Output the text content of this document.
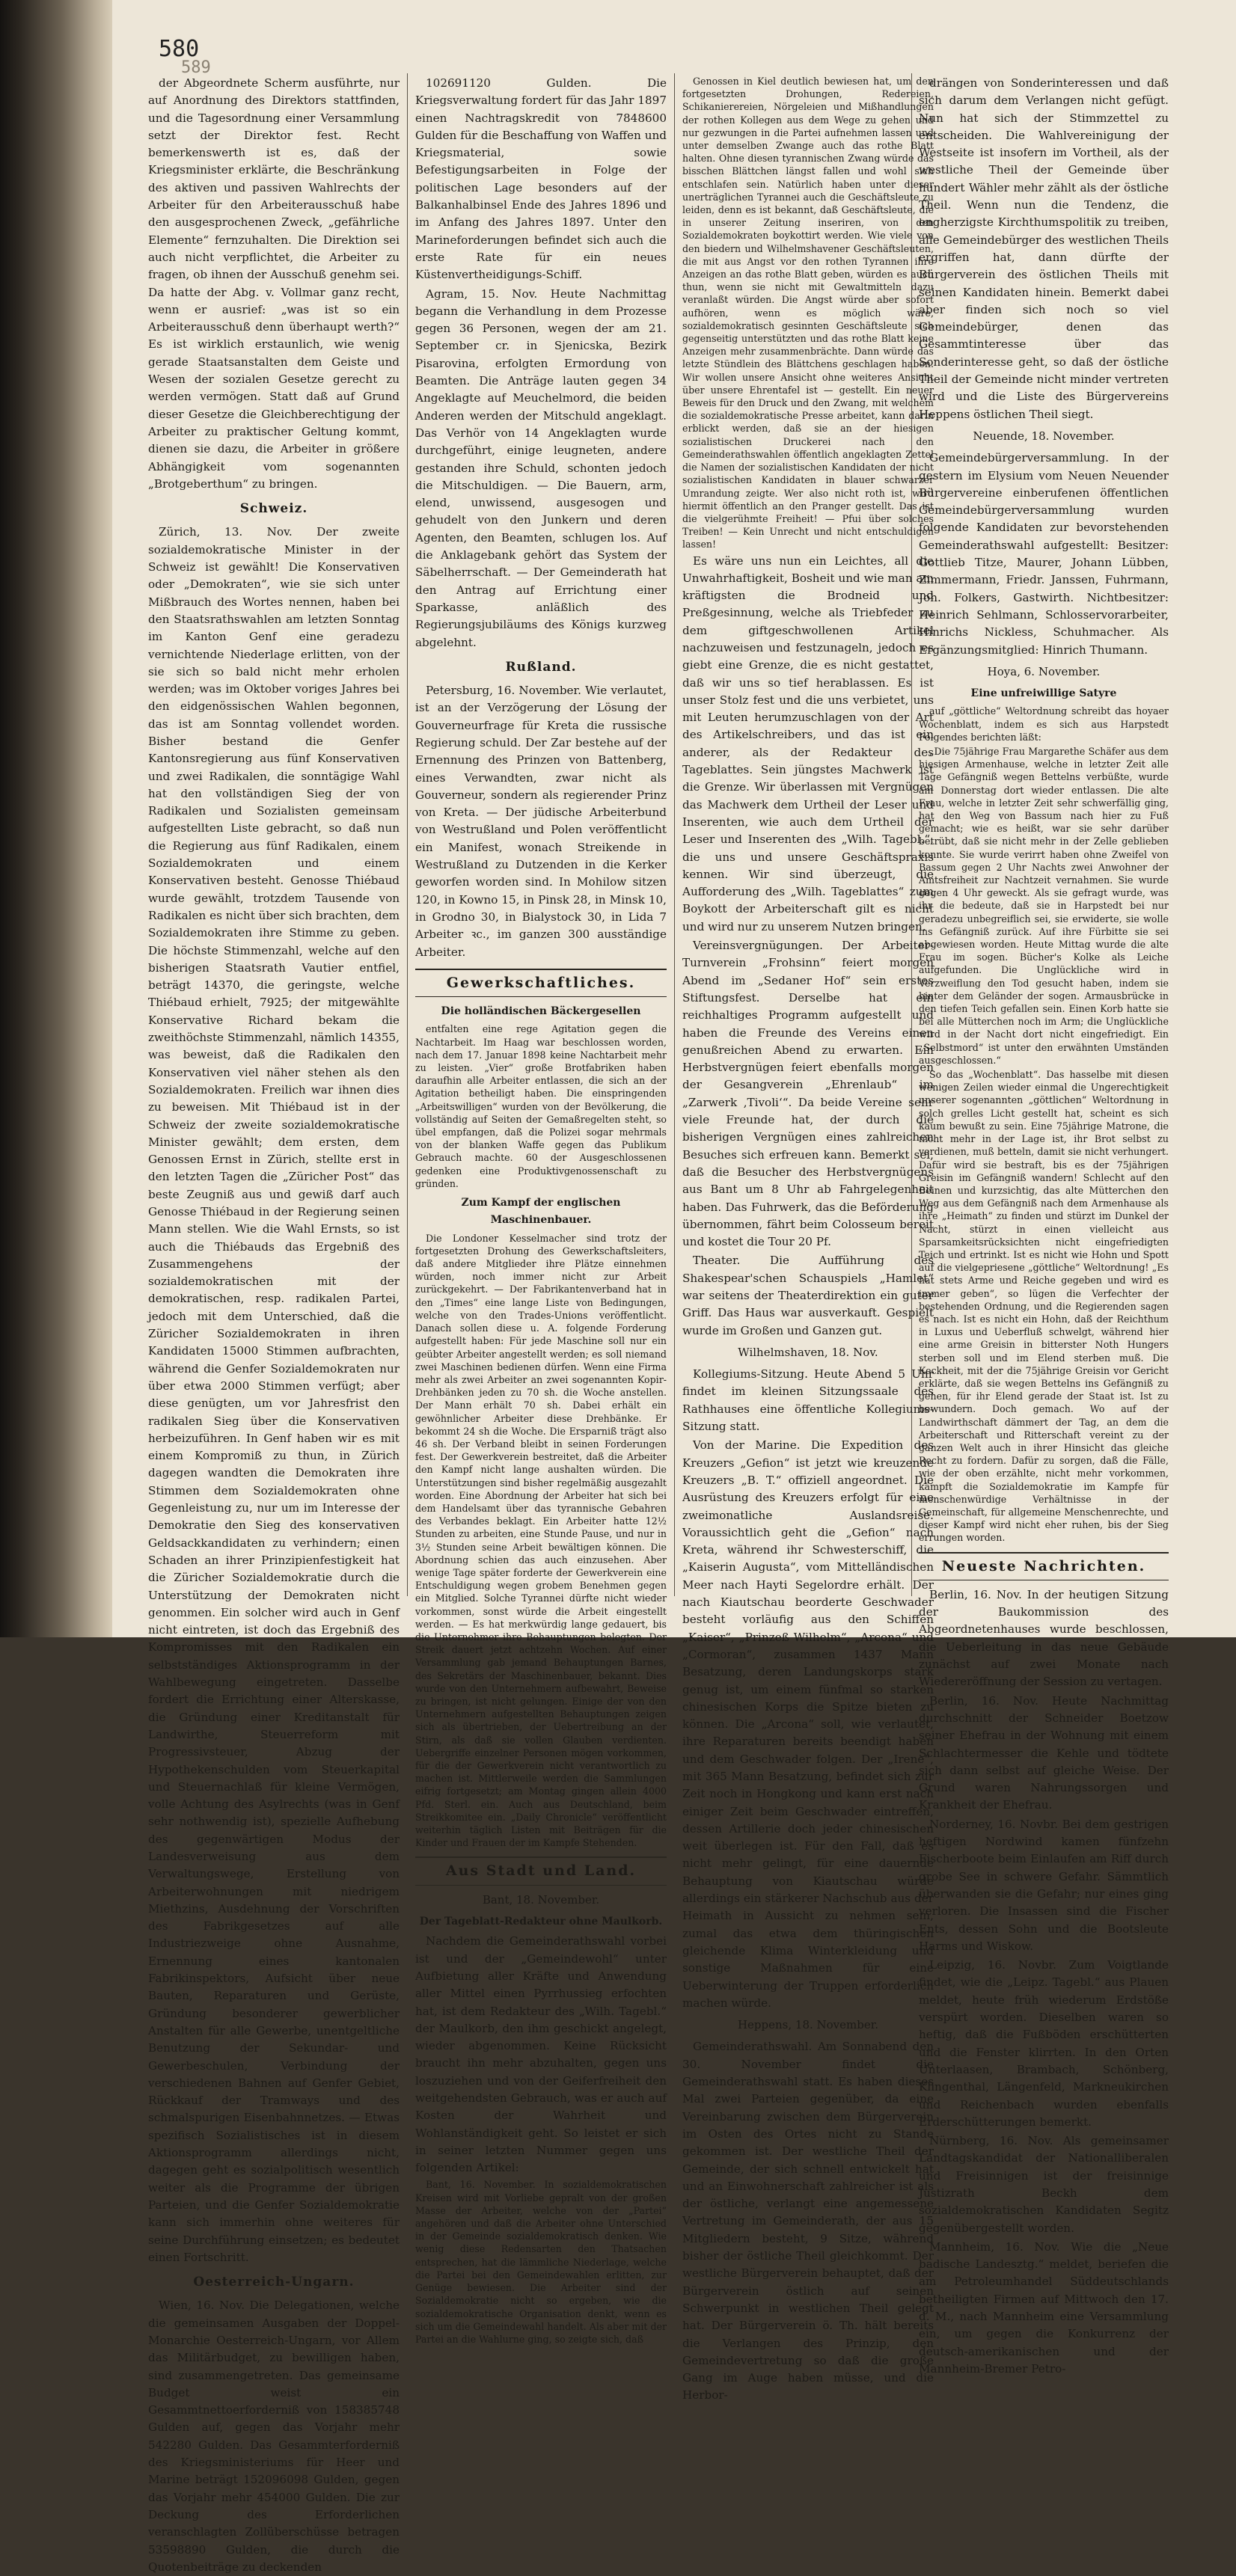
580
589

der Abgeordnete Scherm ausführte, nur auf Anordnung des Direktors stattfinden, und die Tagesordnung einer Versammlung setzt der Direktor fest. Recht bemerkenswerth ist es, daß der Kriegsminister erklärte, die Beschränkung des aktiven und passiven Wahlrechts der Arbeiter für den Arbeiterausschuß habe den ausgesprochenen Zweck, „gefährliche Elemente“ fernzuhalten. Die Direktion sei auch nicht verpflichtet, die Arbeiter zu fragen, ob ihnen der Ausschuß genehm sei. Da hatte der Abg. v. Vollmar ganz recht, wenn er ausrief: „was ist so ein Arbeiterausschuß denn überhaupt werth?“ Es ist wirklich erstaunlich, wie wenig gerade Staatsanstalten dem Geiste und Wesen der sozialen Gesetze gerecht zu werden vermögen. Statt daß auf Grund dieser Gesetze die Gleichberechtigung der Arbeiter zu praktischer Geltung kommt, dienen sie dazu, die Arbeiter in größere Abhängigkeit vom sogenannten „Brotgeberthum“ zu bringen.

Schweiz.

Zürich, 13. Nov. Der zweite sozialdemokratische Minister in der Schweiz ist gewählt! Die Konservativen oder „Demokraten“, wie sie sich unter Mißbrauch des Wortes nennen, haben bei den Staatsrathswahlen am letzten Sonntag im Kanton Genf eine geradezu vernichtende Niederlage erlitten, von der sie sich so bald nicht mehr erholen werden; was im Oktober voriges Jahres bei den eidgenössischen Wahlen begonnen, das ist am Sonntag vollendet worden. Bisher bestand die Genfer Kantonsregierung aus fünf Konservativen und zwei Radikalen, die sonntägige Wahl hat den vollständigen Sieg der von Radikalen und Sozialisten gemeinsam aufgestellten Liste gebracht, so daß nun die Regierung aus fünf Radikalen, einem Sozialdemokraten und einem Konservativen besteht. Genosse Thiébaud wurde gewählt, trotzdem Tausende von Radikalen es nicht über sich brachten, dem Sozialdemokraten ihre Stimme zu geben. Die höchste Stimmenzahl, welche auf den bisherigen Staatsrath Vautier entfiel, beträgt 14370, die geringste, welche Thiébaud erhielt, 7925; der mitgewählte Konservative Richard bekam die zweithöchste Stimmenzahl, nämlich 14355, was beweist, daß die Radikalen den Konservativen viel näher stehen als den Sozialdemokraten. Freilich war ihnen dies zu beweisen. Mit Thiébaud ist in der Schweiz der zweite sozialdemokratische Minister gewählt; dem ersten, dem Genossen Ernst in Zürich, stellte erst in den letzten Tagen die „Züricher Post“ das beste Zeugniß aus und gewiß darf auch Genosse Thiébaud in der Regierung seinen Mann stellen. Wie die Wahl Ernsts, so ist auch die Thiébauds das Ergebniß des Zusammengehens der sozialdemokratischen mit der demokratischen, resp. radikalen Partei, jedoch mit dem Unterschied, daß die Züricher Sozialdemokraten in ihren Kandidaten 15000 Stimmen aufbrachten, während die Genfer Sozialdemokraten nur über etwa 2000 Stimmen verfügt; aber diese genügten, um vor Jahresfrist den radikalen Sieg über die Konservativen herbeizuführen. In Genf haben wir es mit einem Kompromiß zu thun, in Zürich dagegen wandten die Demokraten ihre Stimmen dem Sozialdemokraten ohne Gegenleistung zu, nur um im Interesse der Demokratie den Sieg des konservativen Geldsackkandidaten zu verhindern; einen Schaden an ihrer Prinzipienfestigkeit hat die Züricher Sozialdemokratie durch die Unterstützung der Demokraten nicht genommen. Ein solcher wird auch in Genf nicht eintreten, ist doch das Ergebniß des Kompromisses mit den Radikalen ein selbstständiges Aktionsprogramm in der Wahlbewegung eingetreten. Dasselbe fordert die Errichtung einer Alterskasse, die Gründung einer Kreditanstalt für Landwirthe, Steuerreform mit Progressivsteuer, Abzug der Hypothekenschulden vom Steuerkapital und Steuernachlaß für kleine Vermögen, volle Achtung des Asylrechts (was in Genf sehr nothwendig ist), spezielle Aufhebung des gegenwärtigen Modus der Landesverweisung aus dem Verwaltungswege, Erstellung von Arbeiterwohnungen mit niedrigem Miethzins, Ausdehnung der Vorschriften des Fabrikgesetzes auf alle Industriezweige ohne Ausnahme, Ernennung eines kantonalen Fabrikinspektors, Aufsicht über neue Bauten, Reparaturen und Gerüste, Gründung besonderer gewerblicher Anstalten für alle Gewerbe, unentgeltliche Benutzung der Sekundar- und Gewerbeschulen, Verbindung der verschiedenen Bahnen auf Genfer Gebiet, Rückkauf der Tramways und des schmalspurigen Eisenbahnnetzes. — Etwas spezifisch Sozialistisches ist in diesem Aktionsprogramm allerdings nicht, dagegen geht es sozialpolitisch wesentlich weiter als die Programme der übrigen Parteien, und die Genfer Sozialdemokratie kann sich immerhin ohne weiteres für seine Durchführung einsetzen; es bedeutet einen Fortschritt.

Oesterreich-Ungarn.

Wien, 16. Nov. Die Delegationen, welche die gemeinsamen Ausgaben der Doppel-Monarchie Oesterreich-Ungarn, vor Allem das Militärbudget, zu bewilligen haben, sind zusammengetreten. Das gemeinsame Budget weist ein Gesammtnettoerforderniß von 158385748 Gulden auf, gegen das Vorjahr mehr 542280 Gulden. Das Gesammterforderniß des Kriegsministeriums für Heer und Marine beträgt 152096098 Gulden, gegen das Vorjahr mehr 454000 Gulden. Die zur Deckung des Erforderlichen veranschlagten Zollüberschüsse betragen 53598890 Gulden, die durch die Quotenbeiträge zu deckenden

102691120 Gulden. Die Kriegsverwaltung fordert für das Jahr 1897 einen Nachtragskredit von 7848600 Gulden für die Beschaffung von Waffen und Kriegsmaterial, sowie Befestigungsarbeiten in Folge der politischen Lage besonders auf der Balkanhalbinsel Ende des Jahres 1896 und im Anfang des Jahres 1897. Unter den Marineforderungen befindet sich auch die erste Rate für ein neues Küstenvertheidigungs-Schiff.

Agram, 15. Nov. Heute Nachmittag begann die Verhandlung in dem Prozesse gegen 36 Personen, wegen der am 21. September cr. in Sjenicska, Bezirk Pisarovina, erfolgten Ermordung von Beamten. Die Anträge lauten gegen 34 Angeklagte auf Meuchelmord, die beiden Anderen werden der Mitschuld angeklagt. Das Verhör von 14 Angeklagten wurde durchgeführt, einige leugneten, andere gestanden ihre Schuld, schonten jedoch die Mitschuldigen. — Die Bauern, arm, elend, unwissend, ausgesogen und gehudelt von den Junkern und deren Agenten, den Beamten, schlugen los. Auf die Anklagebank gehört das System der Säbelherrschaft. — Der Gemeinderath hat den Antrag auf Errichtung einer Sparkasse, anläßlich des Regierungsjubiläums des Königs kurzweg abgelehnt.

Rußland.

Petersburg, 16. November. Wie verlautet, ist an der Verzögerung der Lösung der Gouverneurfrage für Kreta die russische Regierung schuld. Der Zar bestehe auf der Ernennung des Prinzen von Battenberg, eines Verwandten, zwar nicht als Gouverneur, sondern als regierender Prinz von Kreta. — Der jüdische Arbeiterbund von Westrußland und Polen veröffentlicht ein Manifest, wonach Streikende in Westrußland zu Dutzenden in die Kerker geworfen worden sind. In Mohilow sitzen 120, in Kowno 15, in Pinsk 28, in Minsk 10, in Grodno 30, in Bialystock 30, in Lida 7 Arbeiter ꝛc., im ganzen 300 ausständige Arbeiter.

Gewerkschaftliches.
Die holländischen Bäckergesellen

entfalten eine rege Agitation gegen die Nachtarbeit. Im Haag war beschlossen worden, nach dem 17. Januar 1898 keine Nachtarbeit mehr zu leisten. „Vier“ große Brotfabriken haben daraufhin alle Arbeiter entlassen, die sich an der Agitation betheiligt haben. Die einspringenden „Arbeitswilligen“ wurden von der Bevölkerung, die vollständig auf Seiten der Gemaßregelten steht, so übel empfangen, daß die Polizei sogar mehrmals von der blanken Waffe gegen das Publikum Gebrauch machte. 60 der Ausgeschlossenen gedenken eine Produktivgenossenschaft zu gründen.

Zum Kampf der englischen Maschinenbauer.

Die Londoner Kesselmacher sind trotz der fortgesetzten Drohung des Gewerkschaftsleiters, daß andere Mitglieder ihre Plätze einnehmen würden, noch immer nicht zur Arbeit zurückgekehrt. — Der Fabrikantenverband hat in den „Times“ eine lange Liste von Bedingungen, welche von den Trades-Unions veröffentlicht. Danach sollen diese u. A. folgende Forderung aufgestellt haben: Für jede Maschine soll nur ein geübter Arbeiter angestellt werden; es soll niemand zwei Maschinen bedienen dürfen. Wenn eine Firma mehr als zwei Arbeiter an zwei sogenannten Kopir-Drehbänken jeden zu 70 sh. die Woche anstellen. Der Mann erhält 70 sh. Dabei erhält ein gewöhnlicher Arbeiter diese Drehbänke. Er bekommt 24 sh die Woche. Die Ersparniß trägt also 46 sh. Der Verband bleibt in seinen Forderungen fest. Der Gewerkverein bestreitet, daß die Arbeiter den Kampf nicht lange aushalten würden. Die Unterstützungen sind bisher regelmäßig ausgezahlt worden. Eine Abordnung der Arbeiter hat sich bei dem Handelsamt über das tyrannische Gebahren des Verbandes beklagt. Ein Arbeiter hatte 12½ Stunden zu arbeiten, eine Stunde Pause, und nur in 3½ Stunden seine Arbeit bewältigen können. Die Abordnung schien das auch einzusehen. Aber wenige Tage später forderte der Gewerkverein eine Entschuldigung wegen grobem Benehmen gegen ein Mitglied. Solche Tyrannei dürfte nicht wieder vorkommen, sonst würde die Arbeit eingestellt werden. — Es hat merkwürdig lange gedauert, bis die Unternehmer ihre Behauptungen belegten. Der Streik dauert jetzt achtzehn Wochen. Auf einer Versammlung gab jemand Behauptungen Barnes, des Sekretärs der Maschinenbauer, bekannt. Dies wurde von den Unternehmern aufbewahrt, Beweise zu bringen, ist nicht gelungen. Einige der von den Unternehmern aufgestellten Behauptungen zeigen sich als übertrieben, der Uebertreibung an der Stirn, als daß sie vollen Glauben verdienten. Uebergriffe einzelner Personen mögen vorkommen, für die der Gewerkverein nicht verantwortlich zu machen ist. Mittlerweile werden die Sammlungen eifrig fortgesetzt; am Montag gingen allein 4000 Pfd. Sterl. ein. Auch aus Deutschland, beim Streikkomitee ein. „Daily Chronicle“ veröffentlicht weiterhin täglich Listen mit Beiträgen für die Kinder und Frauen der im Kampfe Stehenden.

Aus Stadt und Land.
Bant, 18. November.
Der Tageblatt-Redakteur ohne Maulkorb.

Nachdem die Gemeinderathswahl vorbei ist und der „Gemeindewohl“ unter Aufbietung aller Kräfte und Anwendung aller Mittel einen Pyrrhussieg erfochten hat, ist dem Redakteur des „Wilh. Tagebl.“ der Maulkorb, den ihm geschickt angelegt, wieder abgenommen. Keine Rücksicht braucht ihn mehr abzuhalten, gegen uns loszuziehen und von der Geiferfreiheit den weitgehendsten Gebrauch, was er auch auf Kosten der Wahrheit und Wohlanständigkeit geht. So leistet er sich in seiner letzten Nummer gegen uns folgenden Artikel:

Bant, 16. November. In sozialdemokratischen Kreisen wird mit Vorliebe gepralt von der großen Masse der Arbeiter, welche von der „Partei“ angehören und daß die Arbeiter ohne Unterschied in der Gemeinde sozialdemokratisch denken. Wie wenig diese Redensarten den Thatsachen entsprechen, hat die lämmliche Niederlage, welche die Partei bei den Gemeindewahlen erlitten, zur Genüge bewiesen. Die Arbeiter sind der Sozialdemokratie nicht so ergeben, wie die sozialdemokratische Organisation denkt, wenn es sich um die Gemeindewahl handelt. Als aber mit der Partei an die Wahlurne ging, so zeigte sich, daß

Genossen in Kiel deutlich bewiesen hat, um den fortgesetzten Drohungen, Redereien, Schikanierereien, Nörgeleien und Mißhandlungen der rothen Kollegen aus dem Wege zu gehen und nur gezwungen in die Partei aufnehmen lassen und unter demselben Zwange auch das rothe Blatt halten. Ohne diesen tyrannischen Zwang würde das bisschen Blättchen längst fallen und wohl sich entschlafen sein. Natürlich haben unter dieser unerträglichen Tyrannei auch die Geschäftsleute zu leiden, denn es ist bekannt, daß Geschäftsleute, die in unserer Zeitung inseriren, von den Sozialdemokraten boykottirt werden. Wie viele von den biedern und Wilhelmshavener Geschäftsleuten, die mit aus Angst vor den rothen Tyrannen ihre Anzeigen an das rothe Blatt geben, würden es auch thun, wenn sie nicht mit Gewaltmitteln dazu veranlaßt würden. Die Angst würde aber sofort aufhören, wenn es möglich wäre, sozialdemokratisch gesinnten Geschäftsleute sich gegenseitig unterstützten und das rothe Blatt keine Anzeigen mehr zusammenbrächte. Dann würde das letzte Stündlein des Blättchens geschlagen haben. Wir wollen unsere Ansicht ohne weiteres Ansicht über unsere Ehrentafel ist — gestellt. Ein neuer Beweis für den Druck und den Zwang, mit welchem die sozialdemokratische Presse arbeitet, kann darin erblickt werden, daß sie an der hiesigen sozialistischen Druckerei nach den Gemeinderathswahlen öffentlich angeklagten Zettel die Namen der sozialistischen Kandidaten der nicht sozialistischen Kandidaten in blauer schwarzer Umrandung zeigte. Wer also nicht roth ist, wird hiermit öffentlich an den Pranger gestellt. Das ist die vielgerühmte Freiheit! — Pfui über solches Treiben! — Kein Unrecht und nicht entschuldigen lassen!

Es wäre uns nun ein Leichtes, all die Unwahrhaftigkeit, Bosheit und wie man am kräftigsten die Brodneid und Preßgesinnung, welche als Triebfeder zu dem giftgeschwollenen Artikel nachzuweisen und festzunageln, jedoch es giebt eine Grenze, die es nicht gestattet, daß wir uns so tief herablassen. Es ist unser Stolz fest und die uns verbietet, uns mit Leuten herumzuschlagen von der Art des Artikelschreibers, und das ist ein anderer, als der Redakteur des Tageblattes. Sein jüngstes Machwerk ist die Grenze. Wir überlassen mit Vergnügen das Machwerk dem Urtheil der Leser und Inserenten, wie auch dem Urtheil der Leser und Inserenten des „Wilh. Tagebl.“, die uns und unsere Geschäftspraxis kennen. Wir sind überzeugt, die Aufforderung des „Wilh. Tageblattes“ zum Boykott der Arbeiterschaft gilt es nicht und wird nur zu unserem Nutzen bringen.

Vereinsvergnügungen. Der Arbeiter-Turnverein „Frohsinn“ feiert morgen Abend im „Sedaner Hof“ sein erstes Stiftungsfest. Derselbe hat ein reichhaltiges Programm aufgestellt und haben die Freunde des Vereins einen genußreichen Abend zu erwarten. Ein Herbstvergnügen feiert ebenfalls morgen der Gesangverein „Ehrenlaub“ im „Zarwerk ‚Tivoli‘“. Da beide Vereine sehr viele Freunde hat, der durch die bisherigen Vergnügen eines zahlreichen Besuches sich erfreuen kann. Bemerkt sei, daß die Besucher des Herbstvergnügens aus Bant um 8 Uhr ab Fahrgelegenheit haben. Das Fuhrwerk, das die Beförderung übernommen, fährt beim Colosseum bereit und kostet die Tour 20 Pf.

Theater. Die Aufführung des Shakespear'schen Schauspiels „Hamlet“ war seitens der Theaterdirektion ein guter Griff. Das Haus war ausverkauft. Gespielt wurde im Großen und Ganzen gut.

Wilhelmshaven, 18. Nov.

Kollegiums-Sitzung. Heute Abend 5 Uhr findet im kleinen Sitzungssaale des Rathhauses eine öffentliche Kollegiums-Sitzung statt.

Von der Marine. Die Expedition des Kreuzers „Gefion“ ist jetzt wie kreuzende Kreuzers „B. T.“ offiziell angeordnet. Die Ausrüstung des Kreuzers erfolgt für eine zweimonatliche Auslandsreise. Voraussichtlich geht die „Gefion“ nach Kreta, während ihr Schwesterschiff, die „Kaiserin Augusta“, vom Mittelländischen Meer nach Hayti Segelordre erhält. Der nach Kiautschau beorderte Geschwader besteht vorläufig aus den Schiffen „Kaiser“, „Prinzeß Wilhelm“, „Arcona“ und „Cormoran“, zusammen 1437 Mann Besatzung, deren Landungskorps stark genug ist, um einem fünfmal so starken chinesischen Korps die Spitze bieten zu können. Die „Arcona“ soll, wie verlautet, ihre Reparaturen bereits beendigt haben und dem Geschwader folgen. Der „Irene“, mit 365 Mann Besatzung, befindet sich zur Zeit noch in Hongkong und kann erst nach einiger Zeit beim Geschwader eintreffen, dessen Artillerie doch jeder chinesischen weit überlegen ist. Für den Fall, daß es nicht mehr gelingt, für eine dauernde Behauptung von Kiautschau würde allerdings ein stärkerer Nachschub aus der Heimath in Aussicht zu nehmen sein, zumal das etwa dem thüringischen gleichende Klima Winterkleidung und sonstige Maßnahmen für eine Ueberwinterung der Truppen erforderlich machen würde.

Heppens, 18. November.

Gemeinderathswahl. Am Sonnabend den 30. November findet die Gemeinderathswahl statt. Es haben dieses Mal zwei Parteien gegenüber, da eine Vereinbarung zwischen dem Bürgerverein im Osten des Ortes nicht zu Stande gekommen ist. Der westliche Theil der Gemeinde, der sich schnell entwickelt hat und an Einwohnerschaft zahlreicher ist als der östliche, verlangt eine angemessene Vertretung im Gemeinderath, der aus 15 Mitgliedern besteht, 9 Sitze, während bisher der östliche Theil gleichkommt. Der westliche Bürgerverein behauptet, daß der Bürgerverein östlich auf seinen Schwerpunkt in westlichen Theil gelegt hat. Der Bürgerverein ö. Th. hält bereits die Verlangen des Prinzip, den Gemeindevertretung so daß die große Gang im Auge haben müsse, und die Herbor-

drängen von Sonderinteressen und daß sich darum dem Verlangen nicht gefügt. Nun hat sich der Stimmzettel zu entscheiden. Die Wahlvereinigung der Westseite ist insofern im Vortheil, als der westliche Theil der Gemeinde über hundert Wähler mehr zählt als der östliche Theil. Wenn nun die Tendenz, die engherzigste Kirchthumspolitik zu treiben, alle Gemeindebürger des westlichen Theils ergriffen hat, dann dürfte der Bürgerverein des östlichen Theils mit seinen Kandidaten hinein. Bemerkt dabei aber finden sich noch so viel Gemeindebürger, denen das Gesammtinteresse über das Sonderinteresse geht, so daß der östliche Theil der Gemeinde nicht minder vertreten wird und die Liste des Bürgervereins Heppens östlichen Theil siegt.

Neuende, 18. November.

Gemeindebürgerversammlung. In der gestern im Elysium vom Neuen Neuender Bürgervereine einberufenen öffentlichen Gemeindebürgerversammlung wurden folgende Kandidaten zur bevorstehenden Gemeinderathswahl aufgestellt: Besitzer: Gottlieb Titze, Maurer, Johann Lübben, Zimmermann, Friedr. Janssen, Fuhrmann, Joh. Folkers, Gastwirth. Nichtbesitzer: Heinrich Sehlmann, Schlosservorarbeiter, Hinrichs Nickless, Schuhmacher. Als Ergänzungsmitglied: Hinrich Thumann.

Hoya, 6. November.
Eine unfreiwillige Satyre

auf „göttliche“ Weltordnung schreibt das hoyaer Wochenblatt, indem es sich aus Harpstedt Folgendes berichten läßt:

„Die 75jährige Frau Margarethe Schäfer aus dem hiesigen Armenhause, welche in letzter Zeit alle Tage Gefängniß wegen Bettelns verbüßte, wurde am Donnerstag dort wieder entlassen. Die alte Frau, welche in letzter Zeit sehr schwerfällig ging, hat den Weg von Bassum nach hier zu Fuß gemacht; wie es heißt, war sie sehr darüber betrübt, daß sie nicht mehr in der Zelle geblieben konnte. Sie wurde verirrt haben ohne Zweifel von Bassum gegen 2 Uhr Nachts zwei Anwohner der Amtsfreiheit zur Nachtzeit vernahmen. Sie wurde gegen 4 Uhr geweckt. Als sie gefragt wurde, was ihr die bedeute, daß sie in Harpstedt bei nur geradezu unbegreiflich sei, sie erwiderte, sie wolle ins Gefängniß zurück. Auf ihre Fürbitte sie sei abgewiesen worden. Heute Mittag wurde die alte Frau im sogen. Bücher's Kolke als Leiche aufgefunden. Die Unglückliche wird in Verzweiflung den Tod gesucht haben, indem sie hinter dem Geländer der sogen. Armausbrücke in den tiefen Teich gefallen sein. Einen Korb hatte sie bei alle Mütterchen noch im Arm; die Unglückliche wird in der Nacht dort nicht eingefriedigt. Ein „Selbstmord“ ist unter den erwähnten Umständen ausgeschlossen.“

So das „Wochenblatt“. Das hasselbe mit diesen wenigen Zeilen wieder einmal die Ungerechtigkeit unserer sogenannten „göttlichen“ Weltordnung in solch grelles Licht gestellt hat, scheint es sich kaum bewußt zu sein. Eine 75jährige Matrone, die nicht mehr in der Lage ist, ihr Brot selbst zu verdienen, muß betteln, damit sie nicht verhungert. Dafür wird sie bestraft, bis es der 75jährigen Greisin im Gefängniß wandern! Schlecht auf den Beinen und kurzsichtig, das alte Mütterchen den Weg aus dem Gefängniß nach dem Armenhause als ihre „Heimath“ zu finden und stürzt im Dunkel der Nacht, stürzt in einen vielleicht aus Sparsamkeitsrücksichten nicht eingefriedigten Teich und ertrinkt. Ist es nicht wie Hohn und Spott auf die vielgepriesene „göttliche“ Weltordnung! „Es hat stets Arme und Reiche gegeben und wird es immer geben“, so lügen die Verfechter der bestehenden Ordnung, und die Regierenden sagen es nach. Ist es nicht ein Hohn, daß der Reichthum in Luxus und Ueberfluß schwelgt, während hier eine arme Greisin in bitterster Noth Hungers sterben soll und im Elend sterben muß. Die Keckheit, mit der die 75jährige Greisin vor Gericht erklärte, daß sie wegen Bettelns ins Gefängniß zu gehen, für ihr Elend gerade der Staat ist. Ist zu bewundern. Doch gemach. Wo auf der Landwirthschaft dämmert der Tag, an dem die Arbeiterschaft und Ritterschaft vereint zu der ganzen Welt auch in ihrer Hinsicht das gleiche Recht zu fordern. Dafür zu sorgen, daß die Fälle, wie der oben erzählte, nicht mehr vorkommen, kämpft die Sozialdemokratie im Kampfe für menschenwürdige Verhältnisse in der Gemeinschaft, für allgemeine Menschenrechte, und dieser Kampf wird nicht eher ruhen, bis der Sieg errungen worden.

Neueste Nachrichten.

Berlin, 16. Nov. In der heutigen Sitzung der Baukommission des Abgeordnetenhauses wurde beschlossen, die Ueberleitung in das neue Gebäude zunächst auf zwei Monate nach Wiedereröffnung der Session zu vertagen.

Berlin, 16. Nov. Heute Nachmittag durchschnitt der Schneider Boetzow seiner Ehefrau in der Wohnung mit einem Schlachtermesser die Kehle und tödtete sich dann selbst auf gleiche Weise. Der Grund waren Nahrungssorgen und Krankheit der Ehefrau.

Norderney, 16. Novbr. Bei dem gestrigen heftigen Nordwind kamen fünfzehn Fischerboote beim Einlaufen am Riff durch grobe See in schwere Gefahr. Sämmtlich überwanden sie die Gefahr; nur eines ging verloren. Die Insassen sind die Fischer Ents, dessen Sohn und die Bootsleute Harms und Wiskow.

Leipzig, 16. Novbr. Zum Voigtlande findet, wie die „Leipz. Tagebl.“ aus Plauen meldet, heute früh wiederum Erdstöße verspürt worden. Dieselben waren so heftig, daß die Fußböden erschütterten und die Fenster klirrten. In den Orten Unterlaasen, Brambach, Schönberg, Klingenthal, Längenfeld, Markneukirchen und Reichenbach wurden ebenfalls Erderschütterungen bemerkt.

Nürnberg, 16. Nov. Als gemeinsamer Landtagskandidat der Nationalliberalen und Freisinnigen ist der freisinnige Justizrath Beckh dem sozialdemokratischen Kandidaten Segitz gegenübergestellt worden.

Mannheim, 16. Nov. Wie die „Neue badische Landesztg.“ meldet, beriefen die am Petroleumhandel Süddeutschlands betheiligten Firmen auf Mittwoch den 17. d. M., nach Mannheim eine Versammlung ein, um gegen die Konkurrenz der deutsch-amerikanischen und der Mannheim-Bremer Petro-
